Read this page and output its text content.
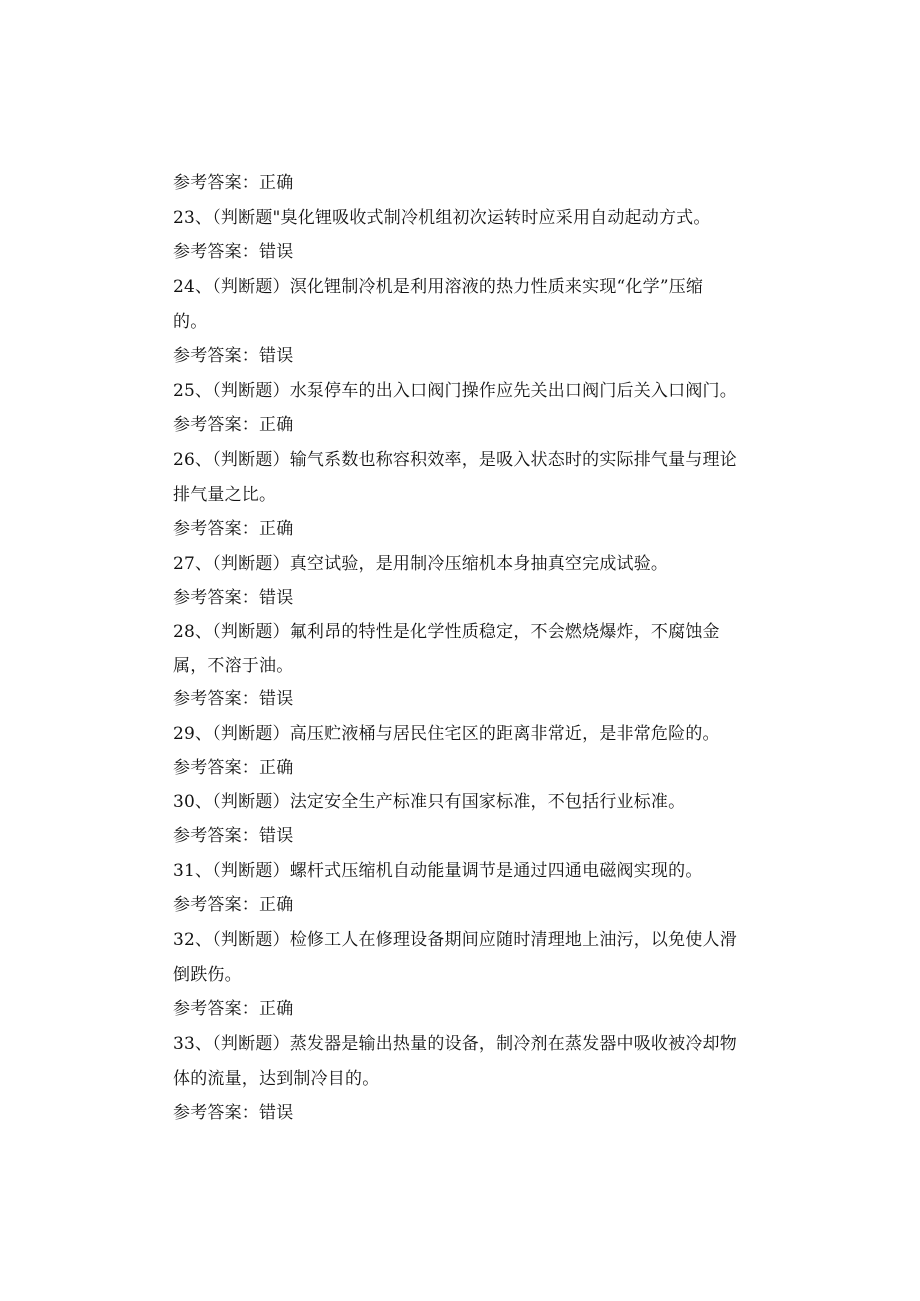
参考答案：正确
23、（判断题"臭化锂吸收式制冷机组初次运转时应采用自动起动方式。
参考答案：错误
24、（判断题）溟化锂制冷机是利用溶液的热力性质来实现“化学”压缩
的。
参考答案：错误
25、（判断题）水泵停车的出入口阀门操作应先关出口阀门后关入口阀门。
参考答案：正确
26、（判断题）输气系数也称容积效率，是吸入状态时的实际排气量与理论
排气量之比。
参考答案：正确
27、（判断题）真空试验，是用制冷压缩机本身抽真空完成试验。
参考答案：错误
28、（判断题）氟利昂的特性是化学性质稳定，不会燃烧爆炸，不腐蚀金
属，不溶于油。
参考答案：错误
29、（判断题）高压贮液桶与居民住宅区的距离非常近，是非常危险的。
参考答案：正确
30、（判断题）法定安全生产标准只有国家标准，不包括行业标准。
参考答案：错误
31、（判断题）螺杆式压缩机自动能量调节是通过四通电磁阀实现的。
参考答案：正确
32、（判断题）检修工人在修理设备期间应随时清理地上油污，以免使人滑
倒跌伤。
参考答案：正确
33、（判断题）蒸发器是输出热量的设备，制冷剂在蒸发器中吸收被冷却物
体的流量，达到制冷目的。
参考答案：错误
